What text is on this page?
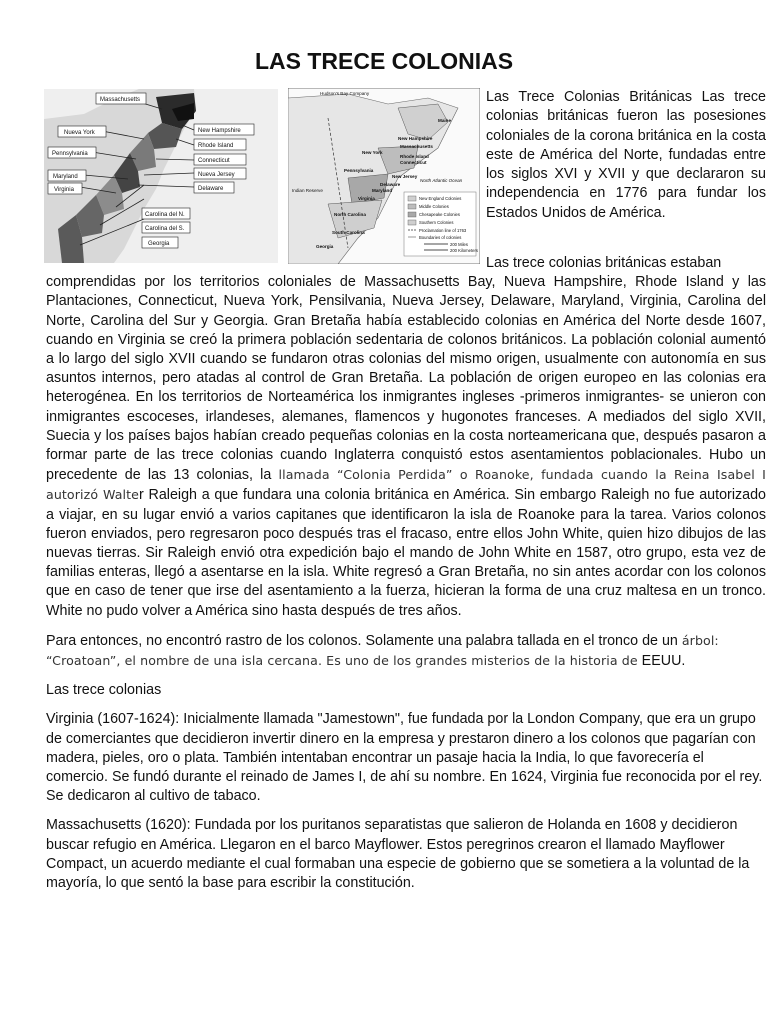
LAS TRECE COLONIAS
Massachusetts
Nueva York
Pennsylvania
Maryland
Virginia
New Hampshire
Rhode Island
Connecticut
Nueva Jersey
Delaware
Carolina del N.
Carolina del S.
Georgia
Hudson's Bay Company
Maine
New Hampshire
Massachusetts
Rhode Island
Connecticut
New York
New Jersey
Pennsylvania
Delaware
Maryland
Virginia
North Carolina
South Carolina
Georgia
Indian Reserve
North Atlantic Ocean
New England Colonies
Middle Colonies
Chesapeake Colonies
Southern Colonies
Proclamation line of 1763
Boundaries of colonies
200 Miles
200 Kilometers

Las Trece Colonias Británicas Las trece colonias británicas fueron las posesiones coloniales de la corona británica en la costa este de América del Norte, fundadas entre los siglos XVI y XVII y que declararon su independencia en 1776 para fundar los Estados Unidos de América.

Las trece colonias británicas estaban
comprendidas por los territorios coloniales de Massachusetts Bay, Nueva Hampshire, Rhode Island y las Plantaciones, Connecticut, Nueva York, Pensilvania, Nueva Jersey, Delaware, Maryland, Virginia, Carolina del Norte, Carolina del Sur y Georgia. Gran Bretaña había establecido colonias en América del Norte desde 1607, cuando en Virginia se creó la primera población sedentaria de colonos británicos. La población colonial aumentó a lo largo del siglo XVII cuando se fundaron otras colonias del mismo origen, usualmente con autonomía en sus asuntos internos, pero atadas al control de Gran Bretaña. La población de origen europeo en las colonias era heterogénea. En los territorios de Norteamérica los inmigrantes ingleses -primeros inmigrantes- se unieron con inmigrantes escoceses, irlandeses, alemanes, flamencos y hugonotes franceses. A mediados del siglo XVII, Suecia y los países bajos habían creado pequeñas colonias en la costa norteamericana que, después pasaron a formar parte de las trece colonias cuando Inglaterra conquistó estos asentamientos poblacionales. Hubo un precedente de las 13 colonias, la llamada “Colonia Perdida” o Roanoke, fundada cuando la Reina Isabel I autorizó Walter Raleigh a que fundara una colonia británica en América. Sin embargo Raleigh no fue autorizado a viajar, en su lugar envió a varios capitanes que identificaron la isla de Roanoke para la tarea. Varios colonos fueron enviados, pero regresaron poco después tras el fracaso, entre ellos John White, quien hizo dibujos de las nuevas tierras. Sir Raleigh envió otra expedición bajo el mando de John White en 1587, otro grupo, esta vez de familias enteras, llegó a asentarse en la isla. White regresó a Gran Bretaña, no sin antes acordar con los colonos que en caso de tener que irse del asentamiento a la fuerza, hicieran la forma de una cruz maltesa en un tronco. White no pudo volver a América sino hasta después de tres años.

Para entonces, no encontró rastro de los colonos. Solamente una palabra tallada en el tronco de un árbol: “Croatoan”, el nombre de una isla cercana. Es uno de los grandes misterios de la historia de EEUU.

Las trece colonias

Virginia (1607-1624): Inicialmente llamada "Jamestown", fue fundada por la London Company, que era un grupo de comerciantes que decidieron invertir dinero en la empresa y prestaron dinero a los colonos que pagarían con madera, pieles, oro o plata. También intentaban encontrar un pasaje hacia la India, lo que favorecería el comercio. Se fundó durante el reinado de James I, de ahí su nombre. En 1624, Virginia fue reconocida por el rey. Se dedicaron al cultivo de tabaco.

Massachusetts (1620): Fundada por los puritanos separatistas que salieron de Holanda en 1608 y decidieron buscar refugio en América. Llegaron en el barco Mayflower. Estos peregrinos crearon el llamado Mayflower Compact, un acuerdo mediante el cual formaban una especie de gobierno que se sometiera a la voluntad de la mayoría, lo que sentó la base para escribir la constitución.
